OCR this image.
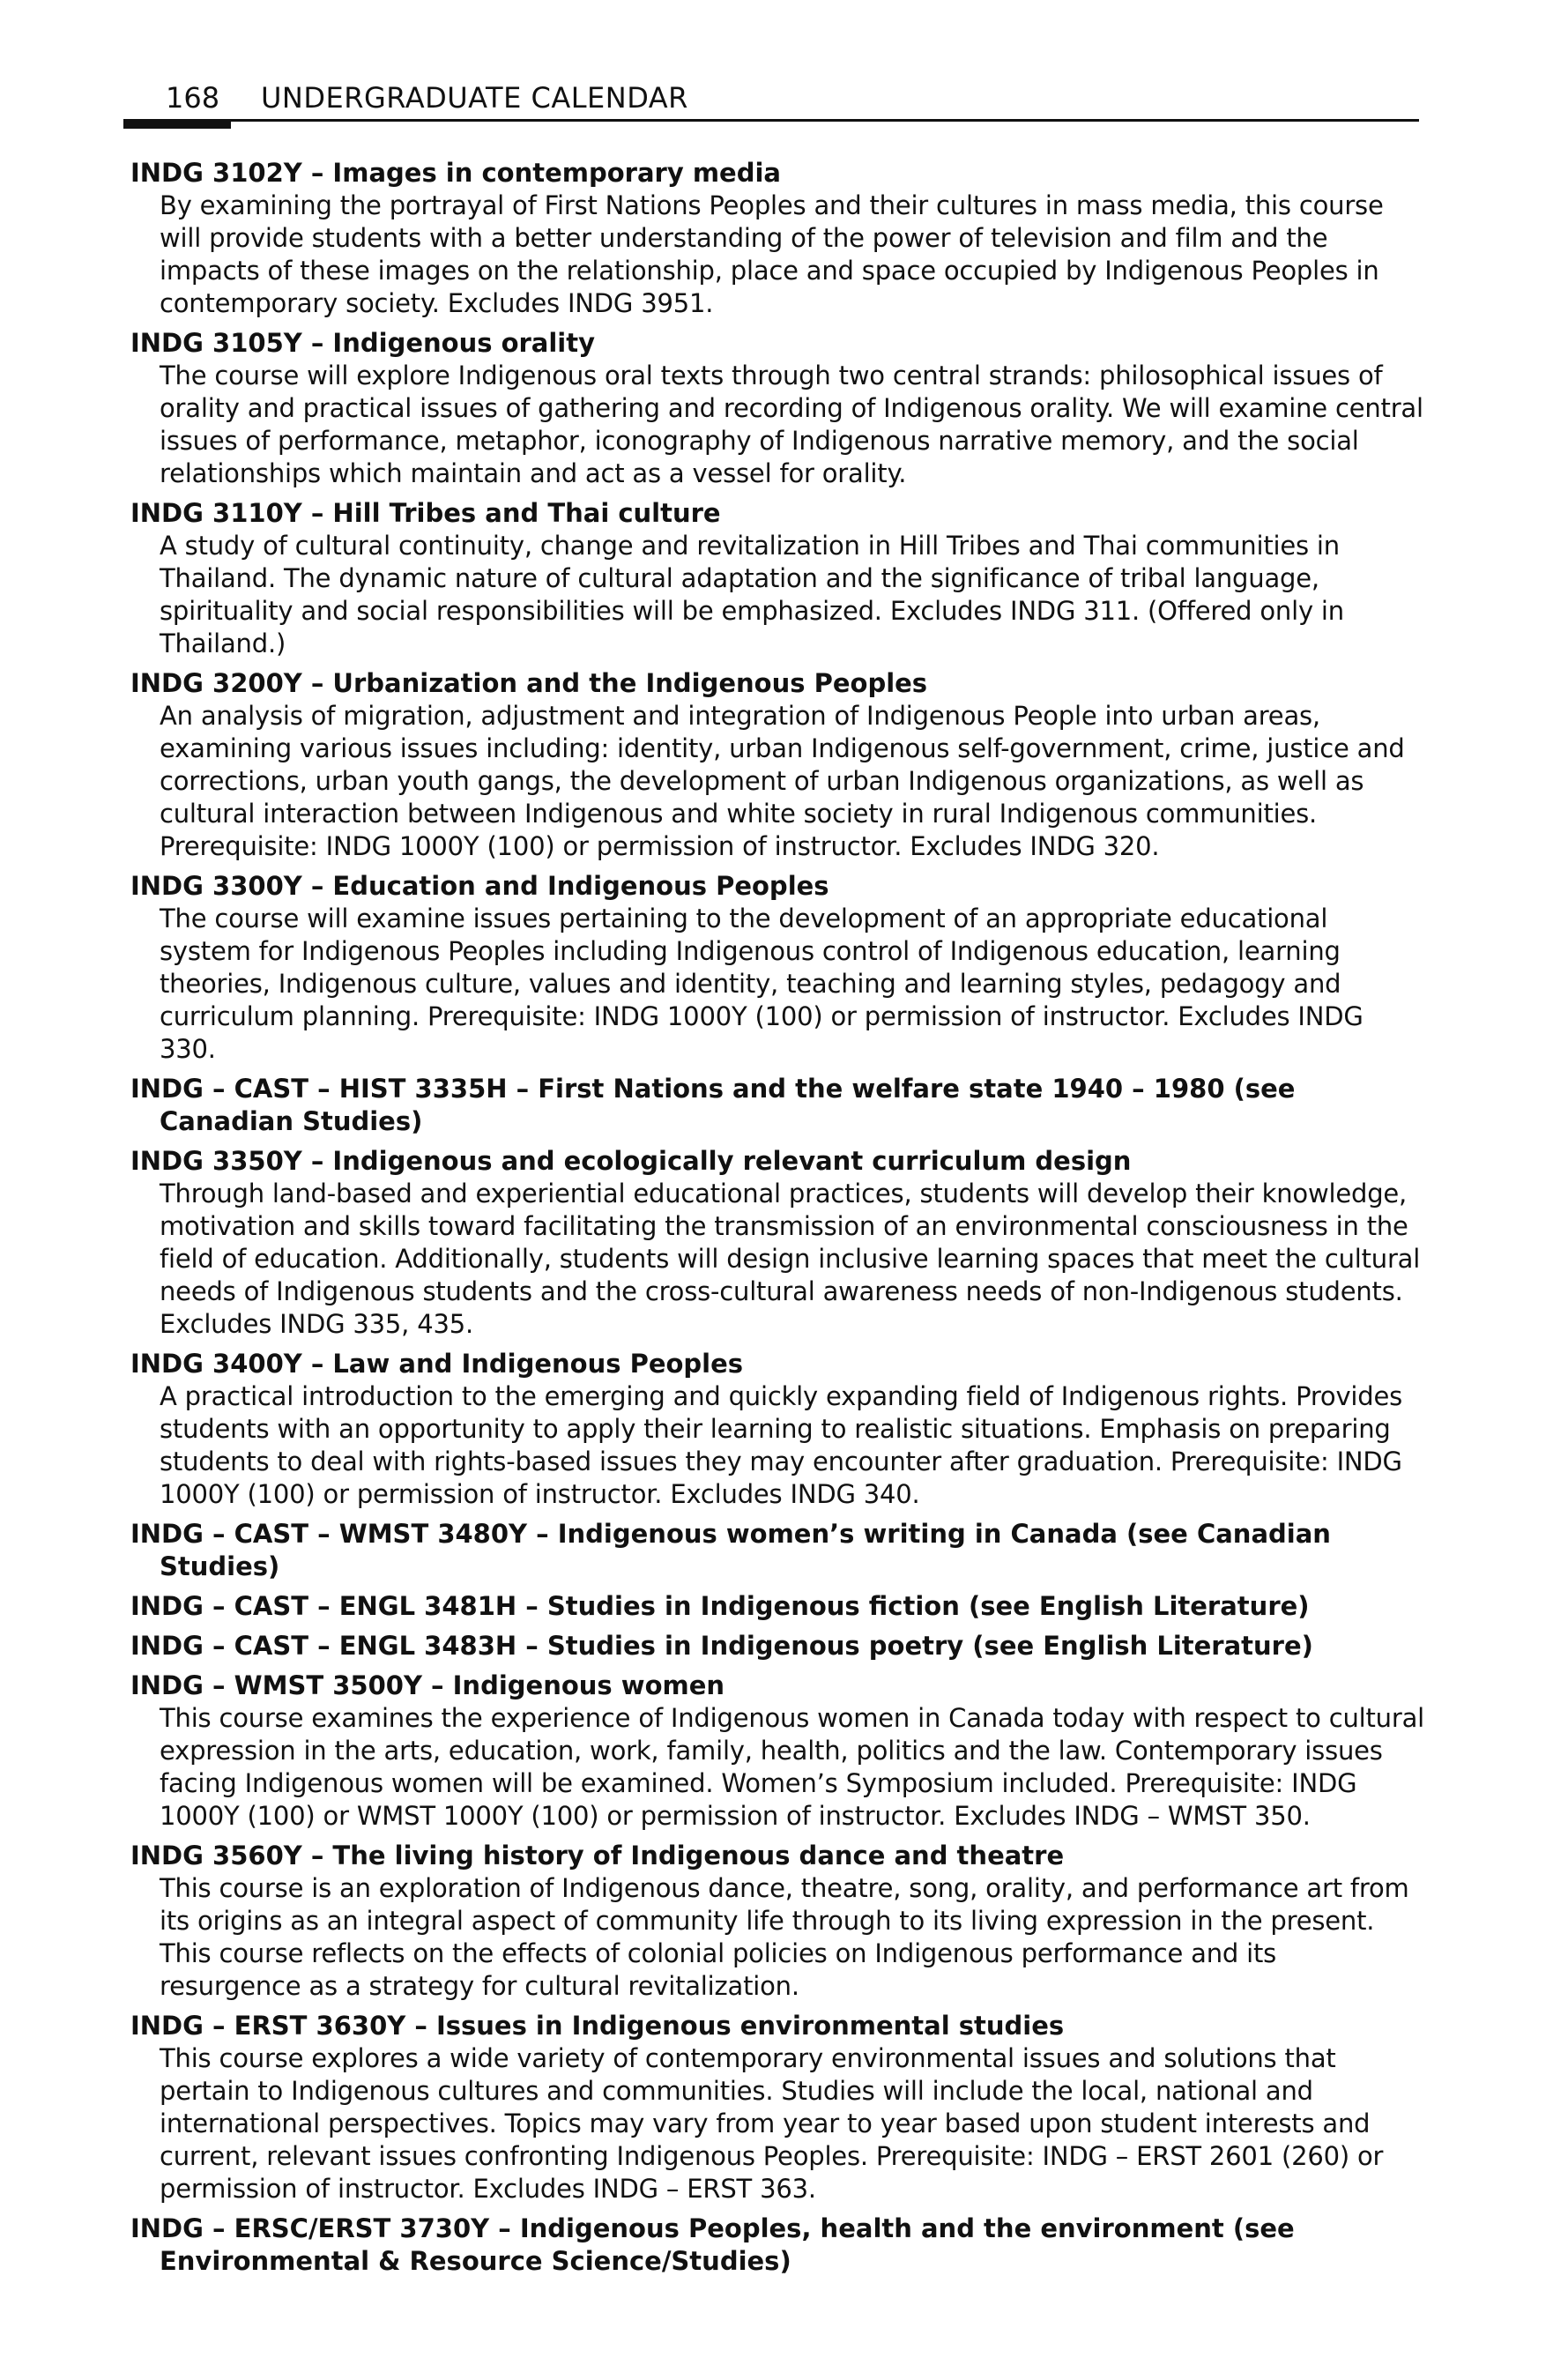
168 UNDERGRADUATE CALENDAR
INDG 3102Y – Images in contemporary media
By examining the portrayal of First Nations Peoples and their cultures in mass media, this course will provide students with a better understanding of the power of television and film and the impacts of these images on the relationship, place and space occupied by Indigenous Peoples in contemporary society. Excludes INDG 3951.
INDG 3105Y – Indigenous orality
The course will explore Indigenous oral texts through two central strands: philosophical issues of orality and practical issues of gathering and recording of Indigenous orality. We will examine central issues of performance, metaphor, iconography of Indigenous narrative memory, and the social relationships which maintain and act as a vessel for orality.
INDG 3110Y – Hill Tribes and Thai culture
A study of cultural continuity, change and revitalization in Hill Tribes and Thai communities in Thailand. The dynamic nature of cultural adaptation and the significance of tribal language, spirituality and social responsibilities will be emphasized. Excludes INDG 311. (Offered only in Thailand.)
INDG 3200Y – Urbanization and the Indigenous Peoples
An analysis of migration, adjustment and integration of Indigenous People into urban areas, examining various issues including: identity, urban Indigenous self-government, crime, justice and corrections, urban youth gangs, the development of urban Indigenous organizations, as well as cultural interaction between Indigenous and white society in rural Indigenous communities. Prerequisite: INDG 1000Y (100) or permission of instructor. Excludes INDG 320.
INDG 3300Y – Education and Indigenous Peoples
The course will examine issues pertaining to the development of an appropriate educational system for Indigenous Peoples including Indigenous control of Indigenous education, learning theories, Indigenous culture, values and identity, teaching and learning styles, pedagogy and curriculum planning. Prerequisite: INDG 1000Y (100) or permission of instructor. Excludes INDG 330.
INDG – CAST – HIST 3335H – First Nations and the welfare state 1940 – 1980 (see Canadian Studies)
INDG 3350Y – Indigenous and ecologically relevant curriculum design
Through land-based and experiential educational practices, students will develop their knowledge, motivation and skills toward facilitating the transmission of an environmental consciousness in the field of education. Additionally, students will design inclusive learning spaces that meet the cultural needs of Indigenous students and the cross-cultural awareness needs of non-Indigenous students. Excludes INDG 335, 435.
INDG 3400Y – Law and Indigenous Peoples
A practical introduction to the emerging and quickly expanding field of Indigenous rights. Provides students with an opportunity to apply their learning to realistic situations. Emphasis on preparing students to deal with rights-based issues they may encounter after graduation. Prerequisite: INDG 1000Y (100) or permission of instructor. Excludes INDG 340.
INDG – CAST – WMST 3480Y – Indigenous women’s writing in Canada (see Canadian Studies)
INDG – CAST – ENGL 3481H – Studies in Indigenous fiction (see English Literature)
INDG – CAST – ENGL 3483H – Studies in Indigenous poetry (see English Literature)
INDG – WMST 3500Y – Indigenous women
This course examines the experience of Indigenous women in Canada today with respect to cultural expression in the arts, education, work, family, health, politics and the law. Contemporary issues facing Indigenous women will be examined. Women’s Symposium included. Prerequisite: INDG 1000Y (100) or WMST 1000Y (100) or permission of instructor. Excludes INDG – WMST 350.
INDG 3560Y – The living history of Indigenous dance and theatre
This course is an exploration of Indigenous dance, theatre, song, orality, and performance art from its origins as an integral aspect of community life through to its living expression in the present. This course reflects on the effects of colonial policies on Indigenous performance and its resurgence as a strategy for cultural revitalization.
INDG – ERST 3630Y – Issues in Indigenous environmental studies
This course explores a wide variety of contemporary environmental issues and solutions that pertain to Indigenous cultures and communities. Studies will include the local, national and international perspectives. Topics may vary from year to year based upon student interests and current, relevant issues confronting Indigenous Peoples. Prerequisite: INDG – ERST 2601 (260) or permission of instructor. Excludes INDG – ERST 363.
INDG – ERSC/ERST 3730Y – Indigenous Peoples, health and the environment (see Environmental & Resource Science/Studies)
